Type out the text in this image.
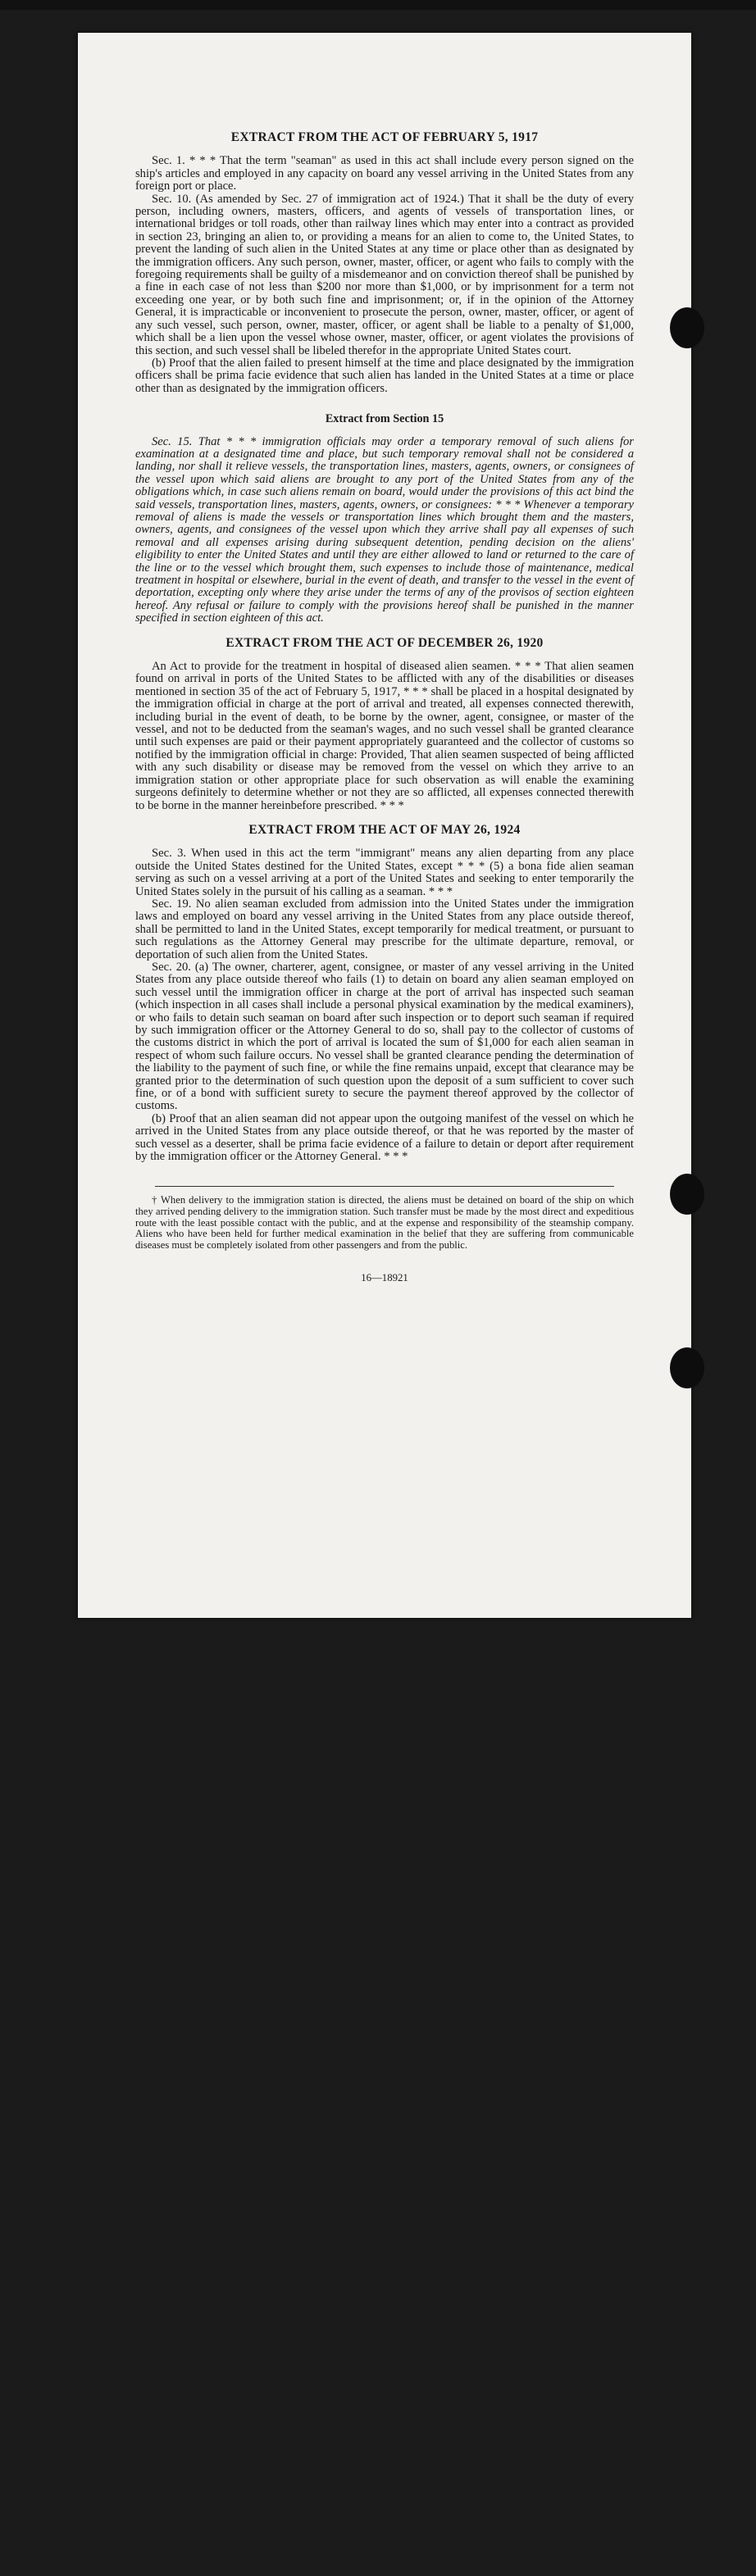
EXTRACT FROM THE ACT OF FEBRUARY 5, 1917

Sec. 1. * * * That the term "seaman" as used in this act shall include every person signed on the ship's articles and employed in any capacity on board any vessel arriving in the United States from any foreign port or place.

Sec. 10. (As amended by Sec. 27 of immigration act of 1924.) That it shall be the duty of every person, including owners, masters, officers, and agents of vessels of transportation lines, or international bridges or toll roads, other than railway lines which may enter into a contract as provided in section 23, bringing an alien to, or providing a means for an alien to come to, the United States, to prevent the landing of such alien in the United States at any time or place other than as designated by the immigration officers. Any such person, owner, master, officer, or agent who fails to comply with the foregoing requirements shall be guilty of a misdemeanor and on conviction thereof shall be punished by a fine in each case of not less than $200 nor more than $1,000, or by imprisonment for a term not exceeding one year, or by both such fine and imprisonment; or, if in the opinion of the Attorney General, it is impracticable or inconvenient to prosecute the person, owner, master, officer, or agent of any such vessel, such person, owner, master, officer, or agent shall be liable to a penalty of $1,000, which shall be a lien upon the vessel whose owner, master, officer, or agent violates the provisions of this section, and such vessel shall be libeled therefor in the appropriate United States court.

(b) Proof that the alien failed to present himself at the time and place designated by the immigration officers shall be prima facie evidence that such alien has landed in the United States at a time or place other than as designated by the immigration officers.

Extract from Section 15

Sec. 15. That * * * immigration officials may order a temporary removal of such aliens for examination at a designated time and place, but such temporary removal shall not be considered a landing, nor shall it relieve vessels, the transportation lines, masters, agents, owners, or consignees of the vessel upon which said aliens are brought to any port of the United States from any of the obligations which, in case such aliens remain on board, would under the provisions of this act bind the said vessels, transportation lines, masters, agents, owners, or consignees: * * * Whenever a temporary removal of aliens is made the vessels or transportation lines which brought them and the masters, owners, agents, and consignees of the vessel upon which they arrive shall pay all expenses of such removal and all expenses arising during subsequent detention, pending decision on the aliens' eligibility to enter the United States and until they are either allowed to land or returned to the care of the line or to the vessel which brought them, such expenses to include those of maintenance, medical treatment in hospital or elsewhere, burial in the event of death, and transfer to the vessel in the event of deportation, excepting only where they arise under the terms of any of the provisos of section eighteen hereof. Any refusal or failure to comply with the provisions hereof shall be punished in the manner specified in section eighteen of this act.

EXTRACT FROM THE ACT OF DECEMBER 26, 1920

An Act to provide for the treatment in hospital of diseased alien seamen. * * * That alien seamen found on arrival in ports of the United States to be afflicted with any of the disabilities or diseases mentioned in section 35 of the act of February 5, 1917, * * * shall be placed in a hospital designated by the immigration official in charge at the port of arrival and treated, all expenses connected therewith, including burial in the event of death, to be borne by the owner, agent, consignee, or master of the vessel, and not to be deducted from the seaman's wages, and no such vessel shall be granted clearance until such expenses are paid or their payment appropriately guaranteed and the collector of customs so notified by the immigration official in charge: Provided, That alien seamen suspected of being afflicted with any such disability or disease may be removed from the vessel on which they arrive to an immigration station or other appropriate place for such observation as will enable the examining surgeons definitely to determine whether or not they are so afflicted, all expenses connected therewith to be borne in the manner hereinbefore prescribed. * * *

EXTRACT FROM THE ACT OF MAY 26, 1924

Sec. 3. When used in this act the term "immigrant" means any alien departing from any place outside the United States destined for the United States, except * * * (5) a bona fide alien seaman serving as such on a vessel arriving at a port of the United States and seeking to enter temporarily the United States solely in the pursuit of his calling as a seaman. * * *

Sec. 19. No alien seaman excluded from admission into the United States under the immigration laws and employed on board any vessel arriving in the United States from any place outside thereof, shall be permitted to land in the United States, except temporarily for medical treatment, or pursuant to such regulations as the Attorney General may prescribe for the ultimate departure, removal, or deportation of such alien from the United States.

Sec. 20. (a) The owner, charterer, agent, consignee, or master of any vessel arriving in the United States from any place outside thereof who fails (1) to detain on board any alien seaman employed on such vessel until the immigration officer in charge at the port of arrival has inspected such seaman (which inspection in all cases shall include a personal physical examination by the medical examiners), or who fails to detain such seaman on board after such inspection or to deport such seaman if required by such immigration officer or the Attorney General to do so, shall pay to the collector of customs of the customs district in which the port of arrival is located the sum of $1,000 for each alien seaman in respect of whom such failure occurs. No vessel shall be granted clearance pending the determination of the liability to the payment of such fine, or while the fine remains unpaid, except that clearance may be granted prior to the determination of such question upon the deposit of a sum sufficient to cover such fine, or of a bond with sufficient surety to secure the payment thereof approved by the collector of customs.

(b) Proof that an alien seaman did not appear upon the outgoing manifest of the vessel on which he arrived in the United States from any place outside thereof, or that he was reported by the master of such vessel as a deserter, shall be prima facie evidence of a failure to detain or deport after requirement by the immigration officer or the Attorney General. * * *

† When delivery to the immigration station is directed, the aliens must be detained on board of the ship on which they arrived pending delivery to the immigration station. Such transfer must be made by the most direct and expeditious route with the least possible contact with the public, and at the expense and responsibility of the steamship company. Aliens who have been held for further medical examination in the belief that they are suffering from communicable diseases must be completely isolated from other passengers and from the public.

16—18921
